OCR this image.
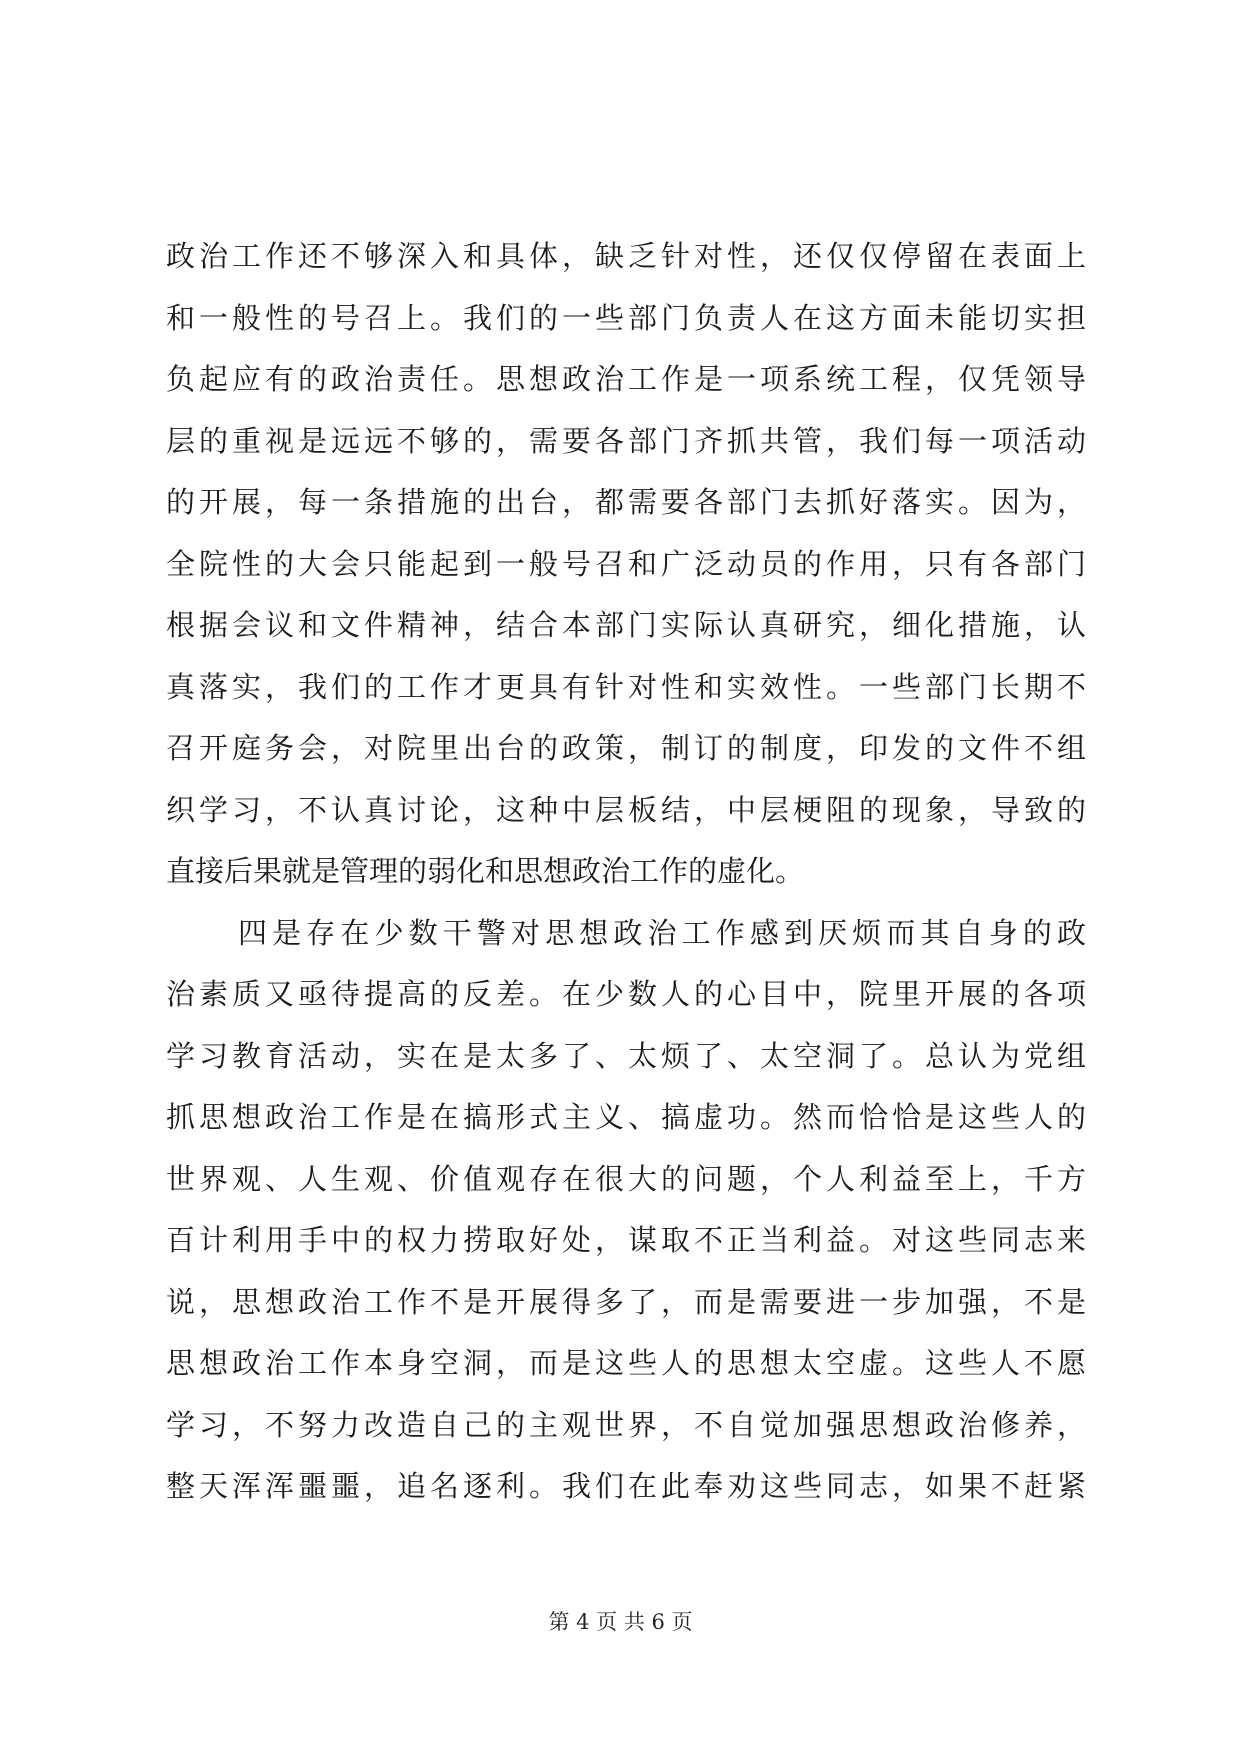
政治工作还不够深入和具体，缺乏针对性，还仅仅停留在表面上
和一般性的号召上。我们的一些部门负责人在这方面未能切实担
负起应有的政治责任。思想政治工作是一项系统工程，仅凭领导
层的重视是远远不够的，需要各部门齐抓共管，我们每一项活动
的开展，每一条措施的出台，都需要各部门去抓好落实。因为，
全院性的大会只能起到一般号召和广泛动员的作用，只有各部门
根据会议和文件精神，结合本部门实际认真研究，细化措施，认
真落实，我们的工作才更具有针对性和实效性。一些部门长期不
召开庭务会，对院里出台的政策，制订的制度，印发的文件不组
织学习，不认真讨论，这种中层板结，中层梗阻的现象，导致的
直接后果就是管理的弱化和思想政治工作的虚化。
四是存在少数干警对思想政治工作感到厌烦而其自身的政
治素质又亟待提高的反差。在少数人的心目中，院里开展的各项
学习教育活动，实在是太多了、太烦了、太空洞了。总认为党组
抓思想政治工作是在搞形式主义、搞虚功。然而恰恰是这些人的
世界观、人生观、价值观存在很大的问题，个人利益至上，千方
百计利用手中的权力捞取好处，谋取不正当利益。对这些同志来
说，思想政治工作不是开展得多了，而是需要进一步加强，不是
思想政治工作本身空洞，而是这些人的思想太空虚。这些人不愿
学习，不努力改造自己的主观世界，不自觉加强思想政治修养，
整天浑浑噩噩，追名逐利。我们在此奉劝这些同志，如果不赶紧
第 4 页 共 6 页
